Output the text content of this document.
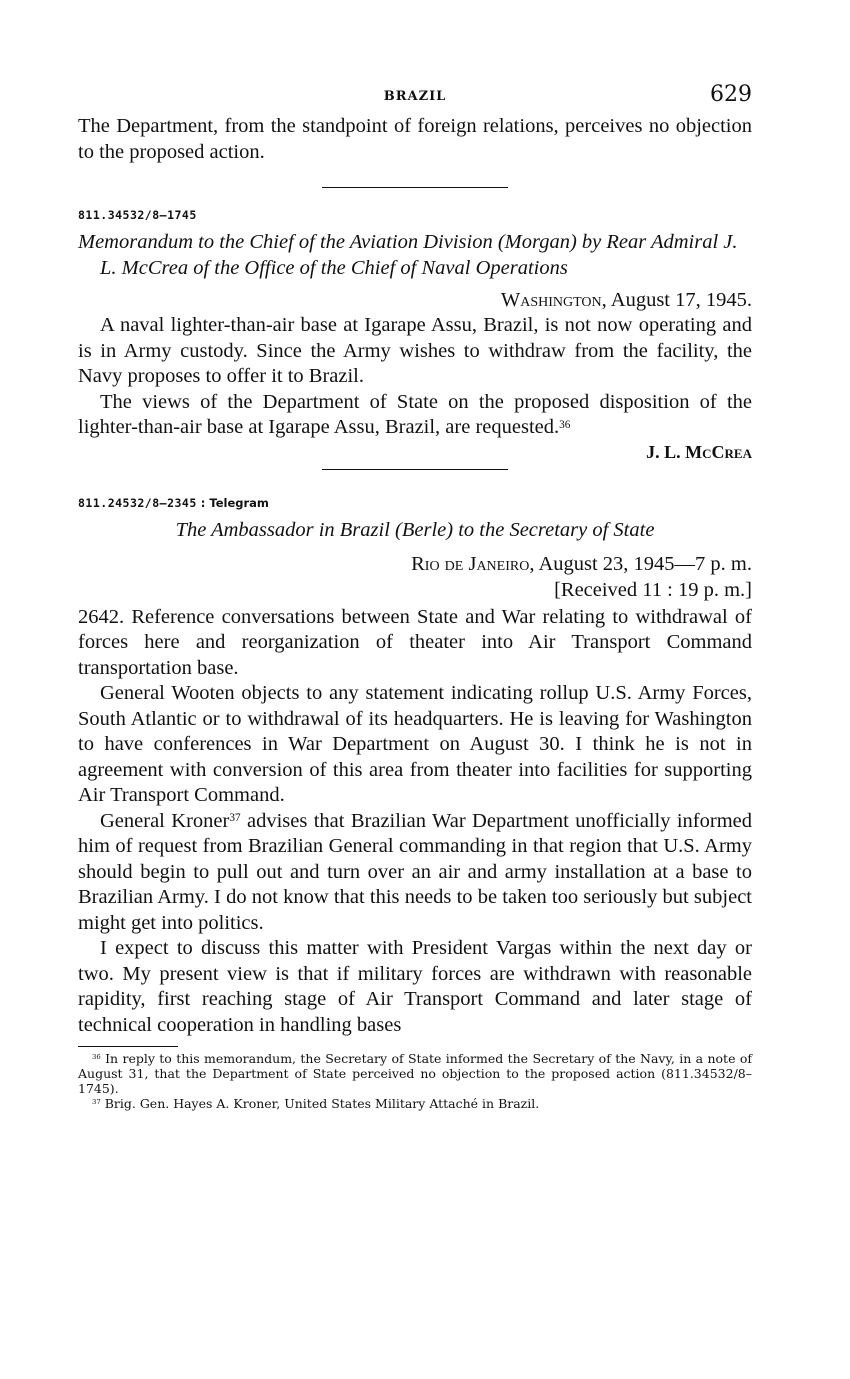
BRAZIL	629

The Department, from the standpoint of foreign relations, perceives no objection to the proposed action.

811.34532/8–1745
Memorandum to the Chief of the Aviation Division (Morgan) by Rear Admiral J. L. McCrea of the Office of the Chief of Naval Operations
Washington, August 17, 1945.

A naval lighter-than-air base at Igarape Assu, Brazil, is not now operating and is in Army custody. Since the Army wishes to withdraw from the facility, the Navy proposes to offer it to Brazil.

The views of the Department of State on the proposed disposition of the lighter-than-air base at Igarape Assu, Brazil, are requested.$^{36}$

J. L. McCrea
811.24532/8–2345 : Telegram
The Ambassador in Brazil (Berle) to the Secretary of State
Rio de Janeiro, August 23, 1945—7 p. m.
[Received 11 : 19 p. m.]

2642. Reference conversations between State and War relating to withdrawal of forces here and reorganization of theater into Air Transport Command transportation base.

General Wooten objects to any statement indicating rollup U.S. Army Forces, South Atlantic or to withdrawal of its headquarters. He is leaving for Washington to have conferences in War Department on August 30. I think he is not in agreement with conversion of this area from theater into facilities for supporting Air Transport Command.

General Kroner$^{37}$ advises that Brazilian War Department unofficially informed him of request from Brazilian General commanding in that region that U.S. Army should begin to pull out and turn over an air and army installation at a base to Brazilian Army. I do not know that this needs to be taken too seriously but subject might get into politics.

I expect to discuss this matter with President Vargas within the next day or two. My present view is that if military forces are withdrawn with reasonable rapidity, first reaching stage of Air Transport Command and later stage of technical cooperation in handling bases

$^{36}$ In reply to this memorandum, the Secretary of State informed the Secretary of the Navy, in a note of August 31, that the Department of State perceived no objection to the proposed action (811.34532/8–1745).

$^{37}$ Brig. Gen. Hayes A. Kroner, United States Military Attaché in Brazil.
